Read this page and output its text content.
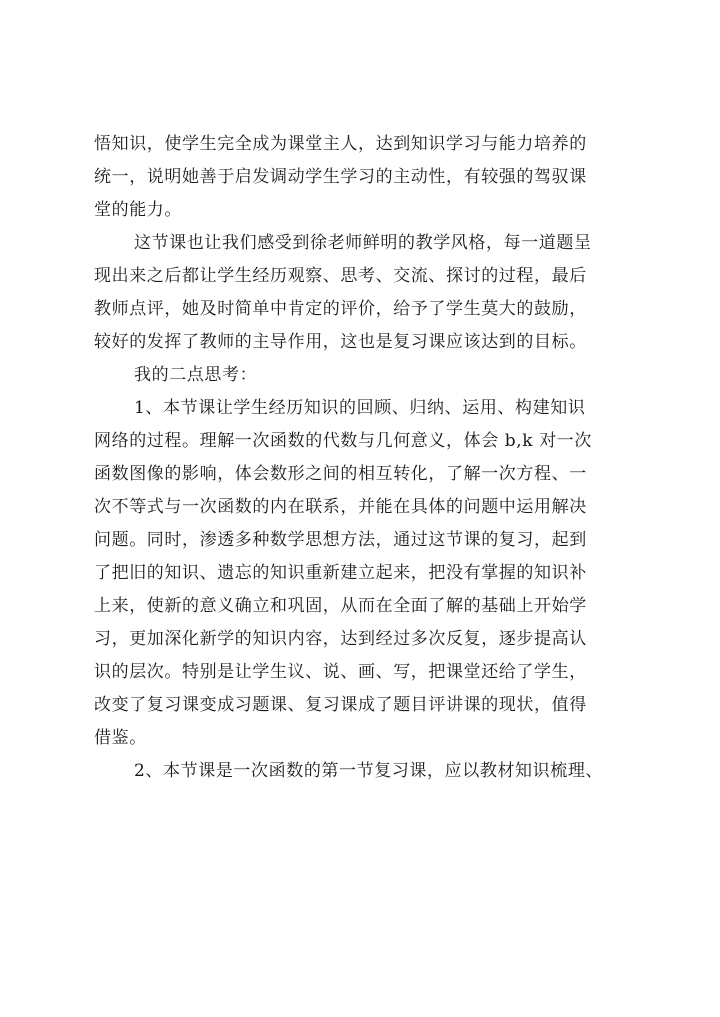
悟知识，使学生完全成为课堂主人，达到知识学习与能力培养的
统一，说明她善于启发调动学生学习的主动性，有较强的驾驭课
堂的能力。
这节课也让我们感受到徐老师鲜明的教学风格，每一道题呈
现出来之后都让学生经历观察、思考、交流、探讨的过程，最后
教师点评，她及时简单中肯定的评价，给予了学生莫大的鼓励，
较好的发挥了教师的主导作用，这也是复习课应该达到的目标。
我的二点思考：
1、本节课让学生经历知识的回顾、归纳、运用、构建知识
网络的过程。理解一次函数的代数与几何意义，体会 b,k 对一次
函数图像的影响，体会数形之间的相互转化，了解一次方程、一
次不等式与一次函数的内在联系，并能在具体的问题中运用解决
问题。同时，渗透多种数学思想方法，通过这节课的复习，起到
了把旧的知识、遗忘的知识重新建立起来，把没有掌握的知识补
上来，使新的意义确立和巩固，从而在全面了解的基础上开始学
习，更加深化新学的知识内容，达到经过多次反复，逐步提高认
识的层次。特别是让学生议、说、画、写，把课堂还给了学生，
改变了复习课变成习题课、复习课成了题目评讲课的现状，值得
借鉴。
2、本节课是一次函数的第一节复习课，应以教材知识梳理、
